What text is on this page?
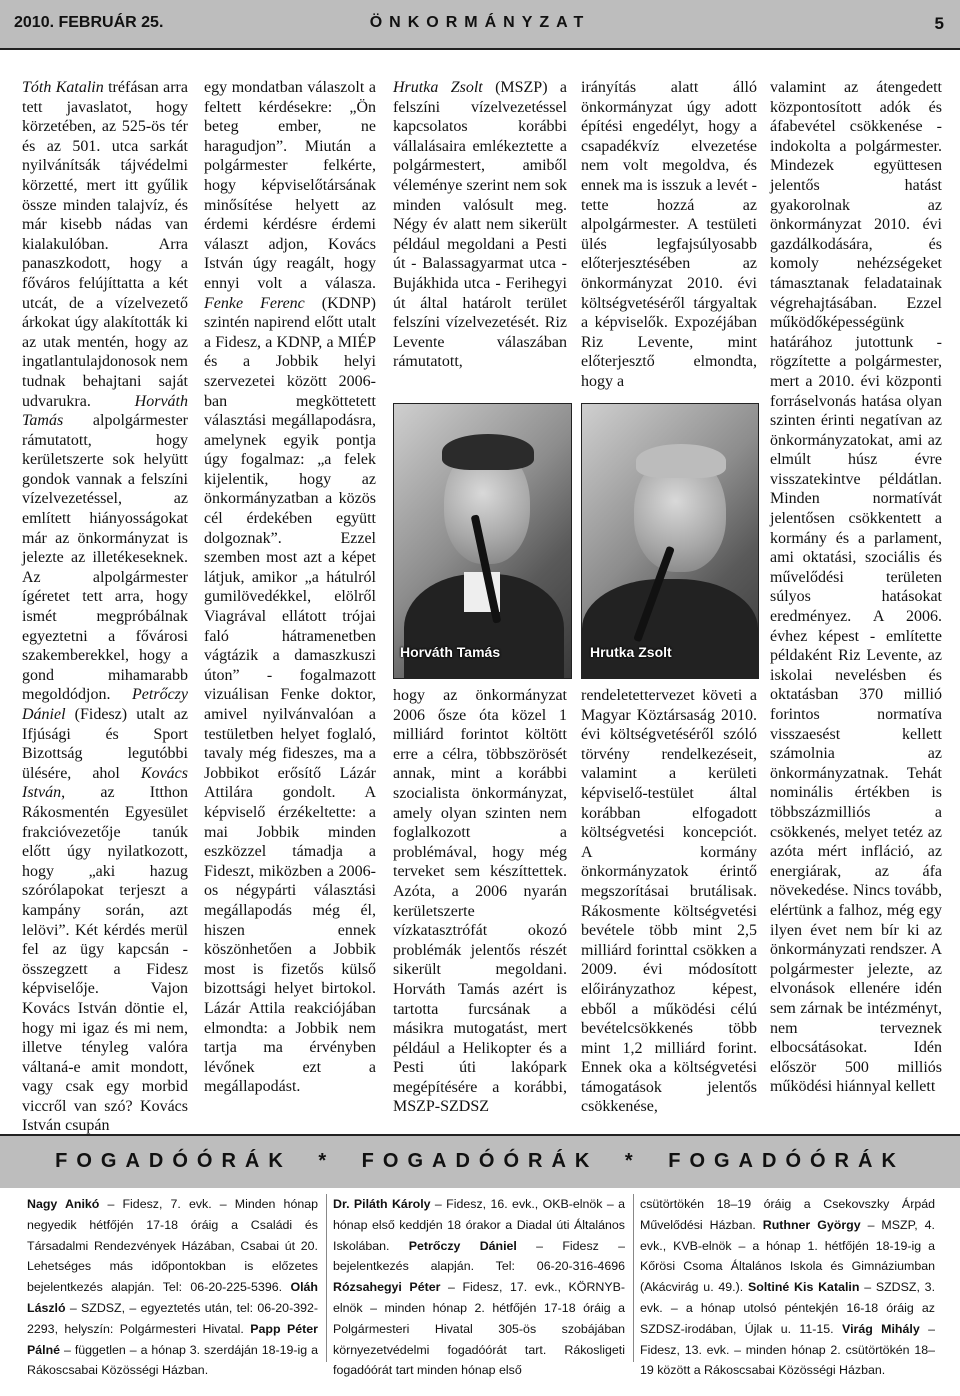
2010. FEBRUÁR 25.	ÖNKORMÁNYZAT	5

Tóth Katalin tréfásan arra tett javaslatot, hogy körzetében, az 525-ös tér és az 501. utca sarkát nyilvánítsák tájvédelmi körzetté, mert itt gyűlik össze minden talajvíz, és már kisebb nádas van kialakulóban. Arra panaszkodott, hogy a főváros felújíttatta a két utcát, de a vízelvezető árkokat úgy alakították ki az utak mentén, hogy az ingatlantulajdonosok nem tudnak behajtani saját udvarukra. Horváth Tamás alpolgármester rámutatott, hogy kerületszerte sok helyütt gondok vannak a felszíni vízelvezetéssel, az említett hiányosságokat már az önkormányzat is jelezte az illetékeseknek. Az alpolgármester ígéretet tett arra, hogy ismét megpróbálnak egyeztetni a fővárosi szakemberekkel, hogy a gond mihamarabb megoldódjon. Petrőczy Dániel (Fidesz) utalt az Ifjúsági és Sport Bizottság legutóbbi ülésére, ahol Kovács István, az Itthon Rákosmentén Egyesület frakcióvezetője tanúk előtt úgy nyilatkozott, hogy „aki hazug szórólapokat terjeszt a kampány során, azt lelövi”. Két kérdés merül fel az ügy kapcsán - összegzett a Fidesz képviselője. Vajon Kovács István döntie el, hogy mi igaz és mi nem, illetve tényleg valóra váltaná-e amit mondott, vagy csak egy morbid viccről van szó? Kovács István csupán

egy mondatban válaszolt a feltett kérdésekre: „Ön beteg ember, ne haragudjon”. Miután a polgármester felkérte, hogy képviselőtársának minősítése helyett az érdemi kérdésre érdemi választ adjon, Kovács István úgy reagált, hogy ennyi volt a válasza. Fenke Ferenc (KDNP) szintén napirend előtt utalt a Fidesz, a KDNP, a MIÉP és a Jobbik helyi szervezetei között 2006-ban megköttetett választási megállapodásra, amelynek egyik pontja úgy fogalmaz: „a felek kijelentik, hogy az önkormányzatban a közös cél érdekében együtt dolgoznak”. Ezzel szemben most azt a képet látjuk, amikor „a hátulról gumilövedékkel, elölről Viagrával ellátott trójai faló hátramenetben vágtázik a damaszkuszi úton” - fogalmazott vizuálisan Fenke doktor, amivel nyilvánvalóan a testületben helyet foglaló, tavaly még fideszes, ma a Jobbikot erősítő Lázár Attilára gondolt. A képviselő érzékeltette: a mai Jobbik minden eszközzel támadja a Fideszt, miközben a 2006-os négypárti választási megállapodás még él, hiszen ennek köszönhetően a Jobbik most is fizetős külső bizottsági helyet birtokol. Lázár Attila reakciójában elmondta: a Jobbik nem tartja ma érvényben lévőnek ezt a megállapodást.

Hrutka Zsolt (MSZP) a felszíni vízelvezetéssel kapcsolatos korábbi vállalásaira emlékeztette a polgármestert, amiből véleménye szerint nem sok minden valósult meg. Négy év alatt nem sikerült például megoldani a Pesti út - Balassagyarmat utca - Bujákhida utca - Ferihegyi út által határolt terület felszíni vízelvezetését. Riz Levente válaszában rámutatott,

hogy az önkormányzat 2006 ősze óta közel 1 milliárd forintot költött erre a célra, többszörösét annak, mint a korábbi szocialista önkormányzat, amely olyan szinten nem foglalkozott a problémával, hogy még terveket sem készíttettek. Azóta, a 2006 nyarán kerületszerte vízkatasztrófát okozó problémák jelentős részét sikerült megoldani. Horváth Tamás azért is tartotta furcsának a másikra mutogatást, mert például a Helikopter és a Pesti úti lakópark megépítésére a korábbi, MSZP-SZDSZ

irányítás alatt álló önkormányzat úgy adott építési engedélyt, hogy a csapadékvíz elvezetése nem volt megoldva, és ennek ma is isszuk a levét - tette hozzá az alpolgármester. A testületi ülés legfajsúlyosabb előterjesztésében az önkormányzat 2010. évi költségvetéséről tárgyaltak a képviselők. Expozéjában Riz Levente, mint előterjesztő elmondta, hogy a

rendeletettervezet követi a Magyar Köztársaság 2010. évi költségvetéséről szóló törvény rendelkezéseit, valamint a kerületi képviselő-testület által korábban elfogadott költségvetési koncepciót. A kormány önkormányzatok érintő megszorításai brutálisak. Rákosmente költségvetési bevétele több mint 2,5 milliárd forinttal csökken a 2009. évi módosított előirányzathoz képest, ebből a működési célú bevételcsökkenés több mint 1,2 milliárd forint. Ennek oka a költségvetési támogatások jelentős csökkenése,

valamint az átengedett központosított adók és áfabevétel csökkenése - indokolta a polgármester. Mindezek együttesen jelentős hatást gyakorolnak az önkormányzat 2010. évi gazdálkodására, és komoly nehézségeket támasztanak feladatainak végrehajtásában. Ezzel működőképességünk határához jutottunk - rögzítette a polgármester, mert a 2010. évi központi forráselvonás hatása olyan szinten érinti negatívan az önkormányzatokat, ami az elmúlt húsz évre visszatekintve példátlan. Minden normatívát jelentősen csökkentett a kormány és a parlament, ami oktatási, szociális és művelődési területen súlyos hatásokat eredményez. A 2006. évhez képest - említette példaként Riz Levente, az iskolai nevelésben és oktatásban 370 millió forintos normatíva visszaesést kellett számolnia az önkormányzatnak. Tehát nominális értékben is többszázmilliós a csökkenés, melyet tetéz az azóta mért infláció, az energiárak, az áfa növekedése. Nincs tovább, elértünk a falhoz, még egy ilyen évet nem bír ki az önkormányzati rendszer. A polgármester jelezte, az elvonások ellenére idén sem zárnak be intézményt, nem terveznek elbocsátásokat. Idén először 500 milliós működési hiánnyal kellett

Horváth Tamás	Hrutka Zsolt
FOGADÓÓRÁK * FOGADÓÓRÁK * FOGADÓÓRÁK

Nagy Anikó – Fidesz, 7. evk. – Minden hónap negyedik hétfőjén 17-18 óráig a Családi és Társadalmi Rendezvények Házában, Csabai út 20. Lehetséges más időpontokban is előzetes bejelentkezés alapján. Tel: 06-20-225-5396. Oláh László – SZDSZ, – egyeztetés után, tel: 06-20-392-2293, helyszín: Polgármesteri Hivatal. Papp Péter Pálné – független – a hónap 3. szerdáján 18-19-ig a Rákoscsabai Közösségi Házban.

Dr. Piláth Károly – Fidesz, 16. evk., OKB-elnök – a hónap első keddjén 18 órakor a Diadal úti Általános Iskolában. Petrőczy Dániel – Fidesz – bejelentkezés alapján. Tel: 06-20-316-4696 Rózsahegyi Péter – Fidesz, 17. evk., KÖRNYB-elnök – minden hónap 2. hétfőjén 17-18 óráig a Polgármesteri Hivatal 305-ös szobájában környezetvédelmi fogadóórát tart. Rákosligeti fogadóórát tart minden hónap első

csütörtökén 18–19 óráig a Csekovszky Árpád Művelődési Házban. Ruthner György – MSZP, 4. evk., KVB-elnök – a hónap 1. hétfőjén 18-19-ig a Kőrösi Csoma Általános Iskola és Gimnáziumban (Akácvirág u. 49.). Soltiné Kis Katalin – SZDSZ, 3. evk. – a hónap utolsó péntekjén 16-18 óráig az SZDSZ-irodában, Újlak u. 11-15. Virág Mihály – Fidesz, 13. evk. – minden hónap 2. csütörtökén 18–19 között a Rákoscsabai Közösségi Házban.
